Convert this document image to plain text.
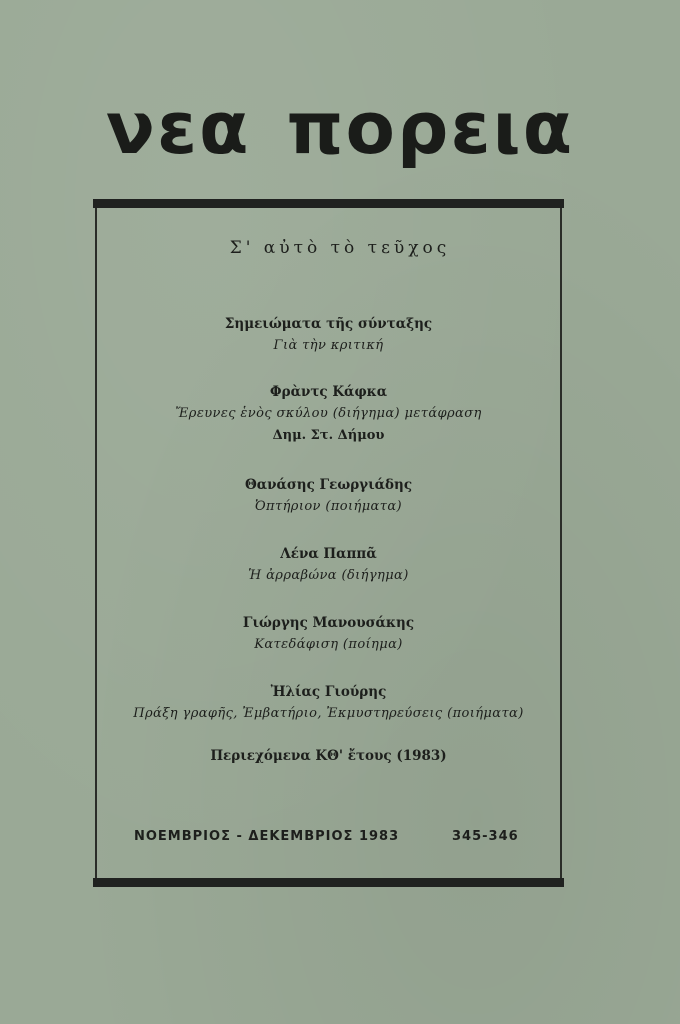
νεα πορεια
Σ' αὐτὸ τὸ τεῦχος
Σημειώματα τῆς σύνταξης
Γιὰ τὴν κριτική
Φρὰντς Κάφκα
Ἔρευνες ἑνὸς σκύλου (διήγημα) μετάφραση
Δημ. Στ. Δήμου
Θανάσης Γεωργιάδης
Ὀπτήριον (ποιήματα)
Λένα Παππᾶ
Ἡ ἀρραβώνα (διήγημα)
Γιώργης Μανουσάκης
Κατεδάφιση (ποίημα)
Ἠλίας Γιούρης
Πράξη γραφῆς, Ἐμβατήριο, Ἐκμυστηρεύσεις (ποιήματα)
Περιεχόμενα ΚΘ' ἔτους (1983)
ΝΟΕΜΒΡΙΟΣ - ΔΕΚΕΜΒΡΙΟΣ 1983	345-346
